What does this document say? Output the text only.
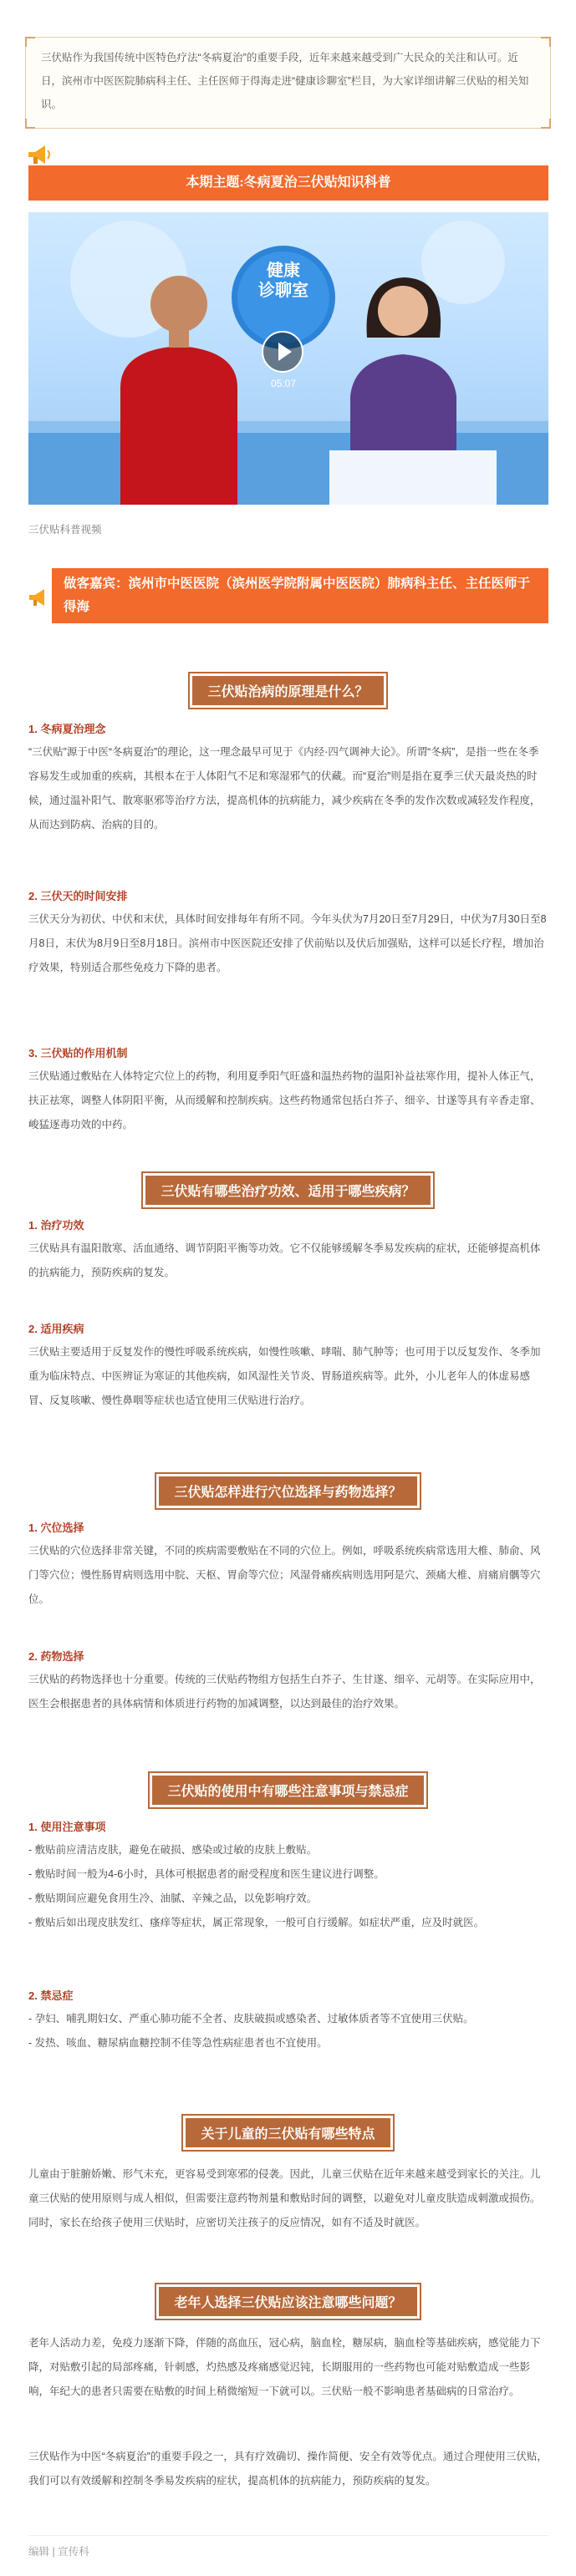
三伏贴作为我国传统中医特色疗法“冬病夏治”的重要手段，近年来越来越受到广大民众的关注和认可。近日，滨州市中医医院肺病科主任、主任医师于得海走进“健康诊聊室”栏目，为大家详细讲解三伏贴的相关知识。
本期主题:冬病夏治三伏贴知识科普
健康
诊聊室
05:07
三伏贴科普视频
做客嘉宾：滨州市中医医院（滨州医学院附属中医医院）肺病科主任、主任医师于得海
三伏贴治病的原理是什么？
1. 冬病夏治理念
“三伏贴”源于中医“冬病夏治”的理论，这一理念最早可见于《内经·四气调神大论》。所谓“冬病”，是指一些在冬季容易发生或加重的疾病，其根本在于人体阳气不足和寒湿邪气的伏藏。而“夏治”则是指在夏季三伏天最炎热的时候，通过温补阳气、散寒驱邪等治疗方法，提高机体的抗病能力，减少疾病在冬季的发作次数或减轻发作程度，从而达到防病、治病的目的。
2. 三伏天的时间安排
三伏天分为初伏、中伏和末伏，具体时间安排每年有所不同。今年头伏为7月20日至7月29日，中伏为7月30日至8月8日，末伏为8月9日至8月18日。滨州市中医医院还安排了伏前贴以及伏后加强贴，这样可以延长疗程，增加治疗效果，特别适合那些免疫力下降的患者。
3. 三伏贴的作用机制
三伏贴通过敷贴在人体特定穴位上的药物，利用夏季阳气旺盛和温热药物的温阳补益祛寒作用，提补人体正气，扶正祛寒，调整人体阴阳平衡，从而缓解和控制疾病。这些药物通常包括白芥子、细辛、甘遂等具有辛香走窜、峻猛逐毒功效的中药。
三伏贴有哪些治疗功效、适用于哪些疾病？
1. 治疗功效
三伏贴具有温阳散寒、活血通络、调节阴阳平衡等功效。它不仅能够缓解冬季易发疾病的症状，还能够提高机体的抗病能力，预防疾病的复发。
2. 适用疾病
三伏贴主要适用于反复发作的慢性呼吸系统疾病，如慢性咳嗽、哮喘、肺气肿等；也可用于以反复发作、冬季加重为临床特点、中医辨证为寒证的其他疾病，如风湿性关节炎、胃肠道疾病等。此外，小儿老年人的体虚易感冒、反复咳嗽、慢性鼻咽等症状也适宜使用三伏贴进行治疗。
三伏贴怎样进行穴位选择与药物选择？
1. 穴位选择
三伏贴的穴位选择非常关键，不同的疾病需要敷贴在不同的穴位上。例如，呼吸系统疾病常选用大椎、肺俞、风门等穴位；慢性肠胃病则选用中脘、天枢、胃俞等穴位；风湿骨痛疾病则选用阿是穴、颈痛大椎、肩痛肩髃等穴位。
2. 药物选择
三伏贴的药物选择也十分重要。传统的三伏贴药物组方包括生白芥子、生甘遂、细辛、元胡等。在实际应用中，医生会根据患者的具体病情和体质进行药物的加减调整，以达到最佳的治疗效果。
三伏贴的使用中有哪些注意事项与禁忌症
1. 使用注意事项
- 敷贴前应清洁皮肤，避免在破损、感染或过敏的皮肤上敷贴。
- 敷贴时间一般为4-6小时，具体可根据患者的耐受程度和医生建议进行调整。
- 敷贴期间应避免食用生冷、油腻、辛辣之品，以免影响疗效。
- 敷贴后如出现皮肤发红、瘙痒等症状，属正常现象，一般可自行缓解。如症状严重，应及时就医。
2. 禁忌症
- 孕妇、哺乳期妇女、严重心肺功能不全者、皮肤破损或感染者、过敏体质者等不宜使用三伏贴。
- 发热、咳血、糖尿病血糖控制不佳等急性病症患者也不宜使用。
关于儿童的三伏贴有哪些特点
儿童由于脏腑娇嫩、形气未充，更容易受到寒邪的侵袭。因此，儿童三伏贴在近年来越来越受到家长的关注。儿童三伏贴的使用原则与成人相似，但需要注意药物剂量和敷贴时间的调整，以避免对儿童皮肤造成刺激或损伤。同时，家长在给孩子使用三伏贴时，应密切关注孩子的反应情况，如有不适及时就医。
老年人选择三伏贴应该注意哪些问题？
老年人活动力差，免疫力逐渐下降，伴随的高血压，冠心病，脑血栓，糖尿病，脑血栓等基础疾病，感觉能力下降，对贴敷引起的局部疼痛，针刺感，灼热感及疼痛感觉迟钝，长期服用的一些药物也可能对贴敷造成一些影响，年纪大的患者只需要在贴敷的时间上稍微缩短一下就可以。三伏贴一般不影响患者基础病的日常治疗。
三伏贴作为中医“冬病夏治”的重要手段之一，具有疗效确切、操作简便、安全有效等优点。通过合理使用三伏贴，我们可以有效缓解和控制冬季易发疾病的症状，提高机体的抗病能力，预防疾病的复发。
编辑 | 宣传科
